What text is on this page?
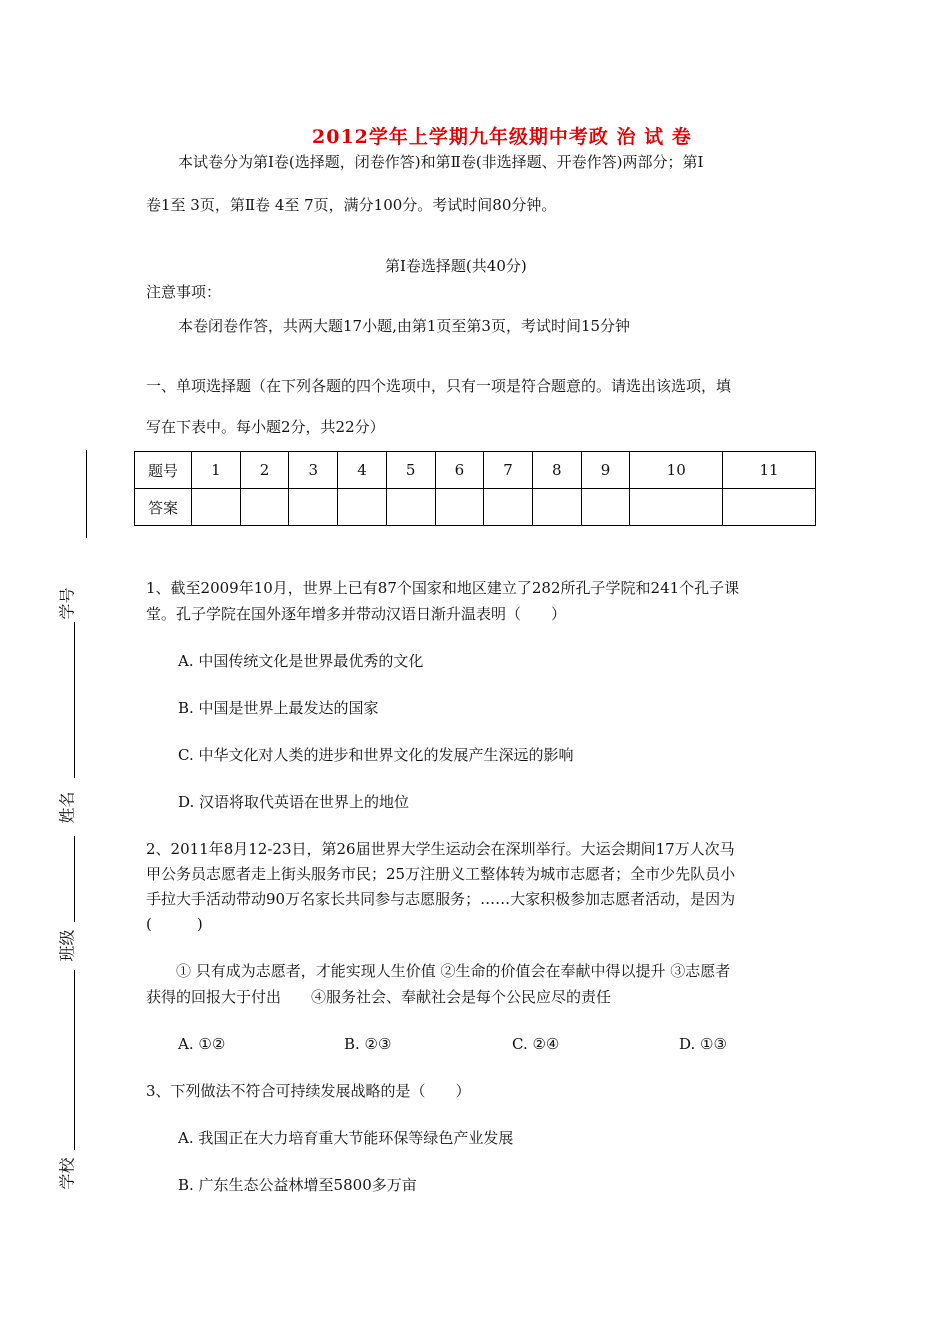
2012学年上学期九年级期中考政 治 试 卷
本试卷分为第Ⅰ卷(选择题，闭卷作答)和第Ⅱ卷(非选择题、开卷作答)两部分；第Ⅰ
卷1至 3页，第Ⅱ卷 4至 7页，满分100分。考试时间80分钟。
第Ⅰ卷选择题(共40分)
注意事项：
本卷闭卷作答，共两大题17小题,由第1页至第3页，考试时间15分钟
一、单项选择题（在下列各题的四个选项中，只有一项是符合题意的。请选出该选项，填
写在下表中。每小题2分，共22分）
题号	1	2	3	4	5	6	7	8	9	10	11
答案											
学号
姓名
班级
学校
1、截至2009年10月，世界上已有87个国家和地区建立了282所孔子学院和241个孔子课
堂。孔子学院在国外逐年增多并带动汉语日渐升温表明（　　）
A. 中国传统文化是世界最优秀的文化
B. 中国是世界上最发达的国家
C. 中华文化对人类的进步和世界文化的发展产生深远的影响
D. 汉语将取代英语在世界上的地位
2、2011年8月12-23日，第26届世界大学生运动会在深圳举行。大运会期间17万人次马
甲公务员志愿者走上街头服务市民；25万注册义工整体转为城市志愿者；全市少先队员小
手拉大手活动带动90万名家长共同参与志愿服务；……大家积极参加志愿者活动，是因为
(　　　)
① 只有成为志愿者，才能实现人生价值 ②生命的价值会在奉献中得以提升 ③志愿者
获得的回报大于付出　　④服务社会、奉献社会是每个公民应尽的责任
A. ①②	B. ②③	C. ②④	D. ①③
3、下列做法不符合可持续发展战略的是（　　）
A. 我国正在大力培育重大节能环保等绿色产业发展
B. 广东生态公益林增至5800多万亩
